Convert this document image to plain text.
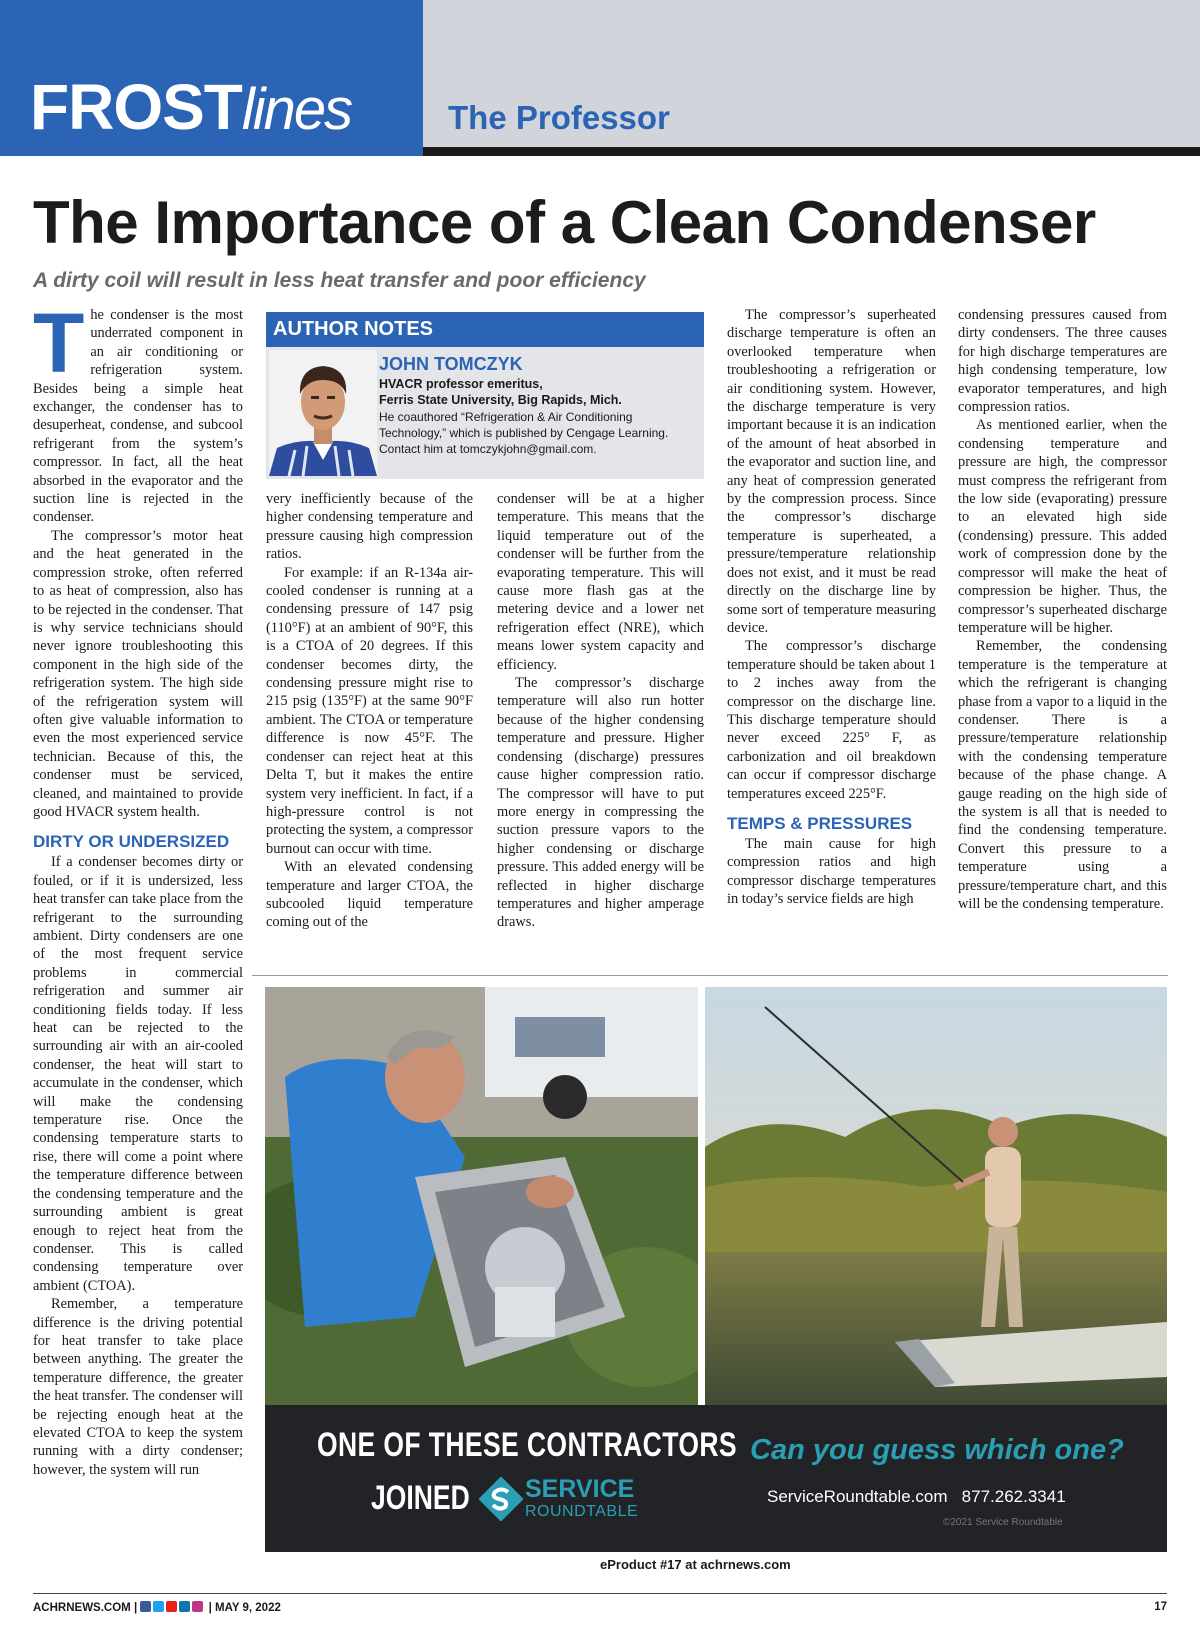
FROSTlines	The Professor
The Importance of a Clean Condenser
A dirty coil will result in less heat transfer and poor efficiency

The condenser is the most underrated component in an air conditioning or refrigeration system. Besides being a simple heat exchanger, the condenser has to desuperheat, condense, and subcool refrigerant from the system’s compressor. In fact, all the heat absorbed in the evaporator and the suction line is rejected in the condenser.

The compressor’s motor heat and the heat generated in the compression stroke, often referred to as heat of compression, also has to be rejected in the condenser. That is why service technicians should never ignore troubleshooting this component in the high side of the refrigeration system. The high side of the refrigeration system will often give valuable information to even the most experienced service technician. Because of this, the condenser must be serviced, cleaned, and maintained to provide good HVACR system health.

DIRTY OR UNDERSIZED

If a condenser becomes dirty or fouled, or if it is undersized, less heat transfer can take place from the refrigerant to the surrounding ambient. Dirty condensers are one of the most frequent service problems in commercial refrigeration and summer air conditioning fields today. If less heat can be rejected to the surrounding air with an air-cooled condenser, the heat will start to accumulate in the condenser, which will make the condensing temperature rise. Once the condensing temperature starts to rise, there will come a point where the temperature difference between the condensing temperature and the surrounding ambient is great enough to reject heat from the condenser. This is called condensing temperature over ambient (CTOA).

Remember, a temperature difference is the driving potential for heat transfer to take place between anything. The greater the temperature difference, the greater the heat transfer. The condenser will be rejecting enough heat at the elevated CTOA to keep the system running with a dirty condenser; however, the system will run

AUTHOR NOTES
JOHN TOMCZYK
HVACR professor emeritus,
Ferris State University, Big Rapids, Mich.
He coauthored “Refrigeration & Air Conditioning Technology,” which is published by Cengage Learning. Contact him at tomczykjohn@gmail.com.

very inefficiently because of the higher condensing temperature and pressure causing high compression ratios.

For example: if an R-134a air-cooled condenser is running at a condensing pressure of 147 psig (110°F) at an ambient of 90°F, this is a CTOA of 20 degrees. If this condenser becomes dirty, the condensing pressure might rise to 215 psig (135°F) at the same 90°F ambient. The CTOA or temperature difference is now 45°F. The condenser can reject heat at this Delta T, but it makes the entire system very inefficient. In fact, if a high-pressure control is not protecting the system, a compressor burnout can occur with time.

With an elevated condensing temperature and larger CTOA, the subcooled liquid temperature coming out of the

condenser will be at a higher temperature. This means that the liquid temperature out of the condenser will be further from the evaporating temperature. This will cause more flash gas at the metering device and a lower net refrigeration effect (NRE), which means lower system capacity and efficiency.

The compressor’s discharge temperature will also run hotter because of the higher condensing temperature and pressure. Higher condensing (discharge) pressures cause higher compression ratio. The compressor will have to put more energy in compressing the suction pressure vapors to the higher condensing or discharge pressure. This added energy will be reflected in higher discharge temperatures and higher amperage draws.

The compressor’s superheated discharge temperature is often an overlooked temperature when troubleshooting a refrigeration or air conditioning system. However, the discharge temperature is very important because it is an indication of the amount of heat absorbed in the evaporator and suction line, and any heat of compression generated by the compression process. Since the compressor’s discharge temperature is superheated, a pressure/temperature relationship does not exist, and it must be read directly on the discharge line by some sort of temperature measuring device.

The compressor’s discharge temperature should be taken about 1 to 2 inches away from the compressor on the discharge line. This discharge temperature should never exceed 225° F, as carbonization and oil breakdown can occur if compressor discharge temperatures exceed 225°F.

TEMPS & PRESSURES

The main cause for high compression ratios and high compressor discharge temperatures in today’s service fields are high

condensing pressures caused from dirty condensers. The three causes for high discharge temperatures are high condensing temperature, low evaporator temperatures, and high compression ratios.

As mentioned earlier, when the condensing temperature and pressure are high, the compressor must compress the refrigerant from the low side (evaporating) pressure to an elevated high side (condensing) pressure. This added work of compression done by the compressor will make the heat of compression be higher. Thus, the compressor’s superheated discharge temperature will be higher.

Remember, the condensing temperature is the temperature at which the refrigerant is changing phase from a vapor to a liquid in the condenser. There is a pressure/temperature relationship with the condensing temperature because of the phase change. A gauge reading on the high side of the system is all that is needed to find the condensing temperature. Convert this pressure to a temperature using a pressure/temperature chart, and this will be the condensing temperature.

ONE OF THESE CONTRACTORS
JOINED SERVICE
ROUNDTABLE
Can you guess which one?
ServiceRoundtable.com   877.262.3341
©2021 Service Roundtable
eProduct #17 at achrnews.com
ACHRNEWS.COM |	| MAY 9, 2022	17
